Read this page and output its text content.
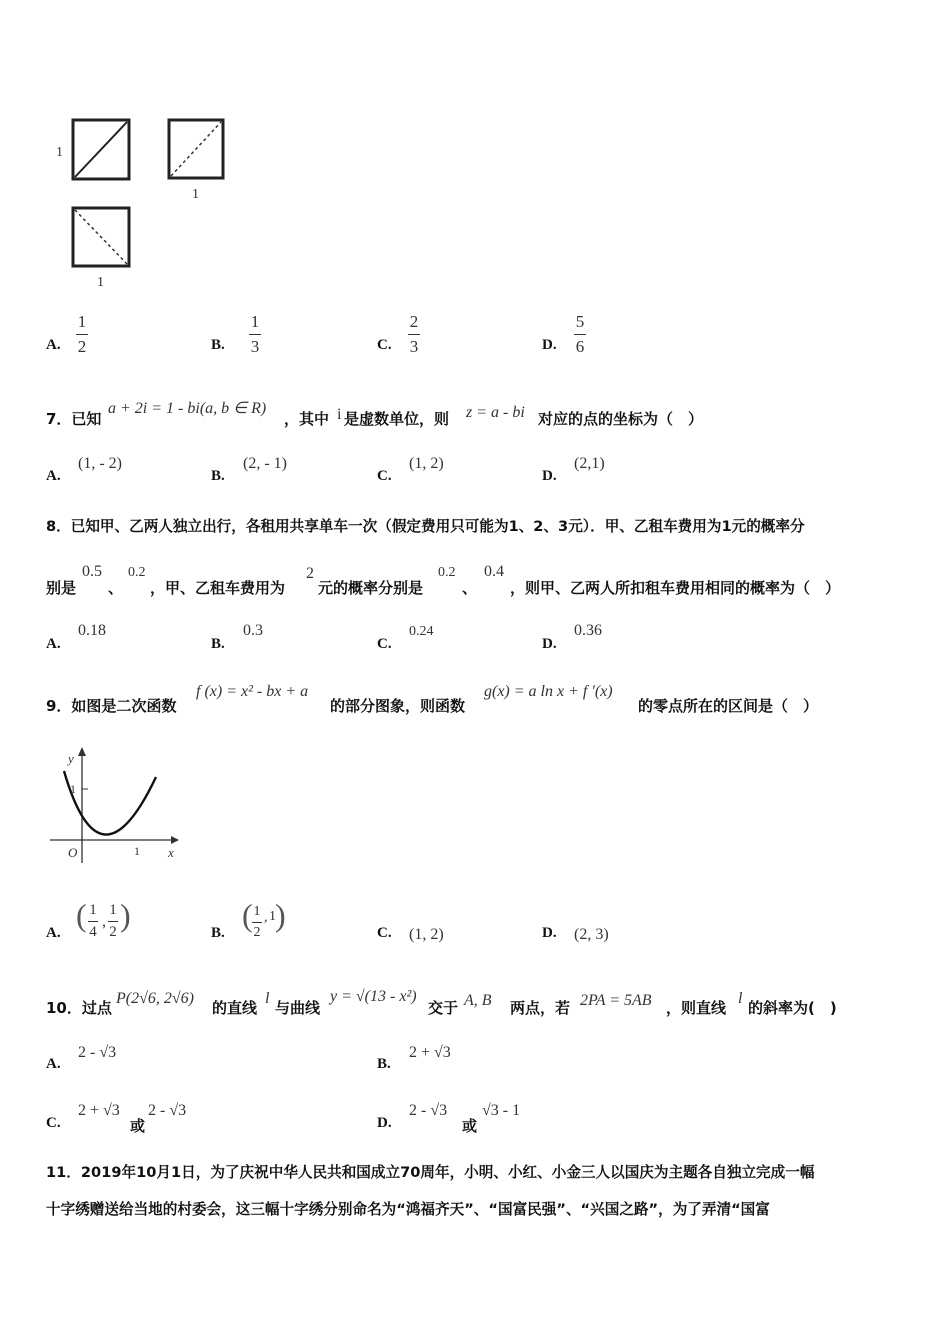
1
1
1
A.
1
2	B.
1
3	C.
2
3	D.
5
6
7．已知
a + 2i = 1 - bi(a, b ∈ R)
，其中 i 是虚数单位，则 z = a - bi 对应的点的坐标为（　）
A.
(1, - 2)
B.
(2, - 1)
C.
(1, 2)
D.
(2,1)
8．已知甲、乙两人独立出行，各租用共享单车一次（假定费用只可能为1、2、3元）．甲、乙租车费用为1元的概率分
别是
0.5
、
0.2
，甲、乙租车费用为
2
元的概率分别是
0.2
、
0.4
，则甲、乙两人所扣租车费用相同的概率为（　）
A.
0.18
B.
0.3
C.
0.24
D.
0.36
9．如图是二次函数
f (x) = x² - bx + a
的部分图象，则函数
g(x) = a ln x + f ′(x)
的零点所在的区间是（　）
y
x
O
1
1
A. ( 1
4
,
1
2 )	B. ( 1
2
, 1 )	C. (1, 2)	D. (2, 3)
10．过点
P(2√6, 2√6)
的直线
l
与曲线
y = √(13 - x²)
交于 A, B 两点，若 2PA = 5AB ，则直线
l
的斜率为(　)
A.
2 - √3
B.
2 + √3
C.
2 + √3
或
2 - √3
D.
2 - √3
或
√3 - 1
11．2019年10月1日，为了庆祝中华人民共和国成立70周年，小明、小红、小金三人以国庆为主题各自独立完成一幅
十字绣赠送给当地的村委会，这三幅十字绣分别命名为“鸿福齐天”、“国富民强”、“兴国之路”，为了弄清“国富
